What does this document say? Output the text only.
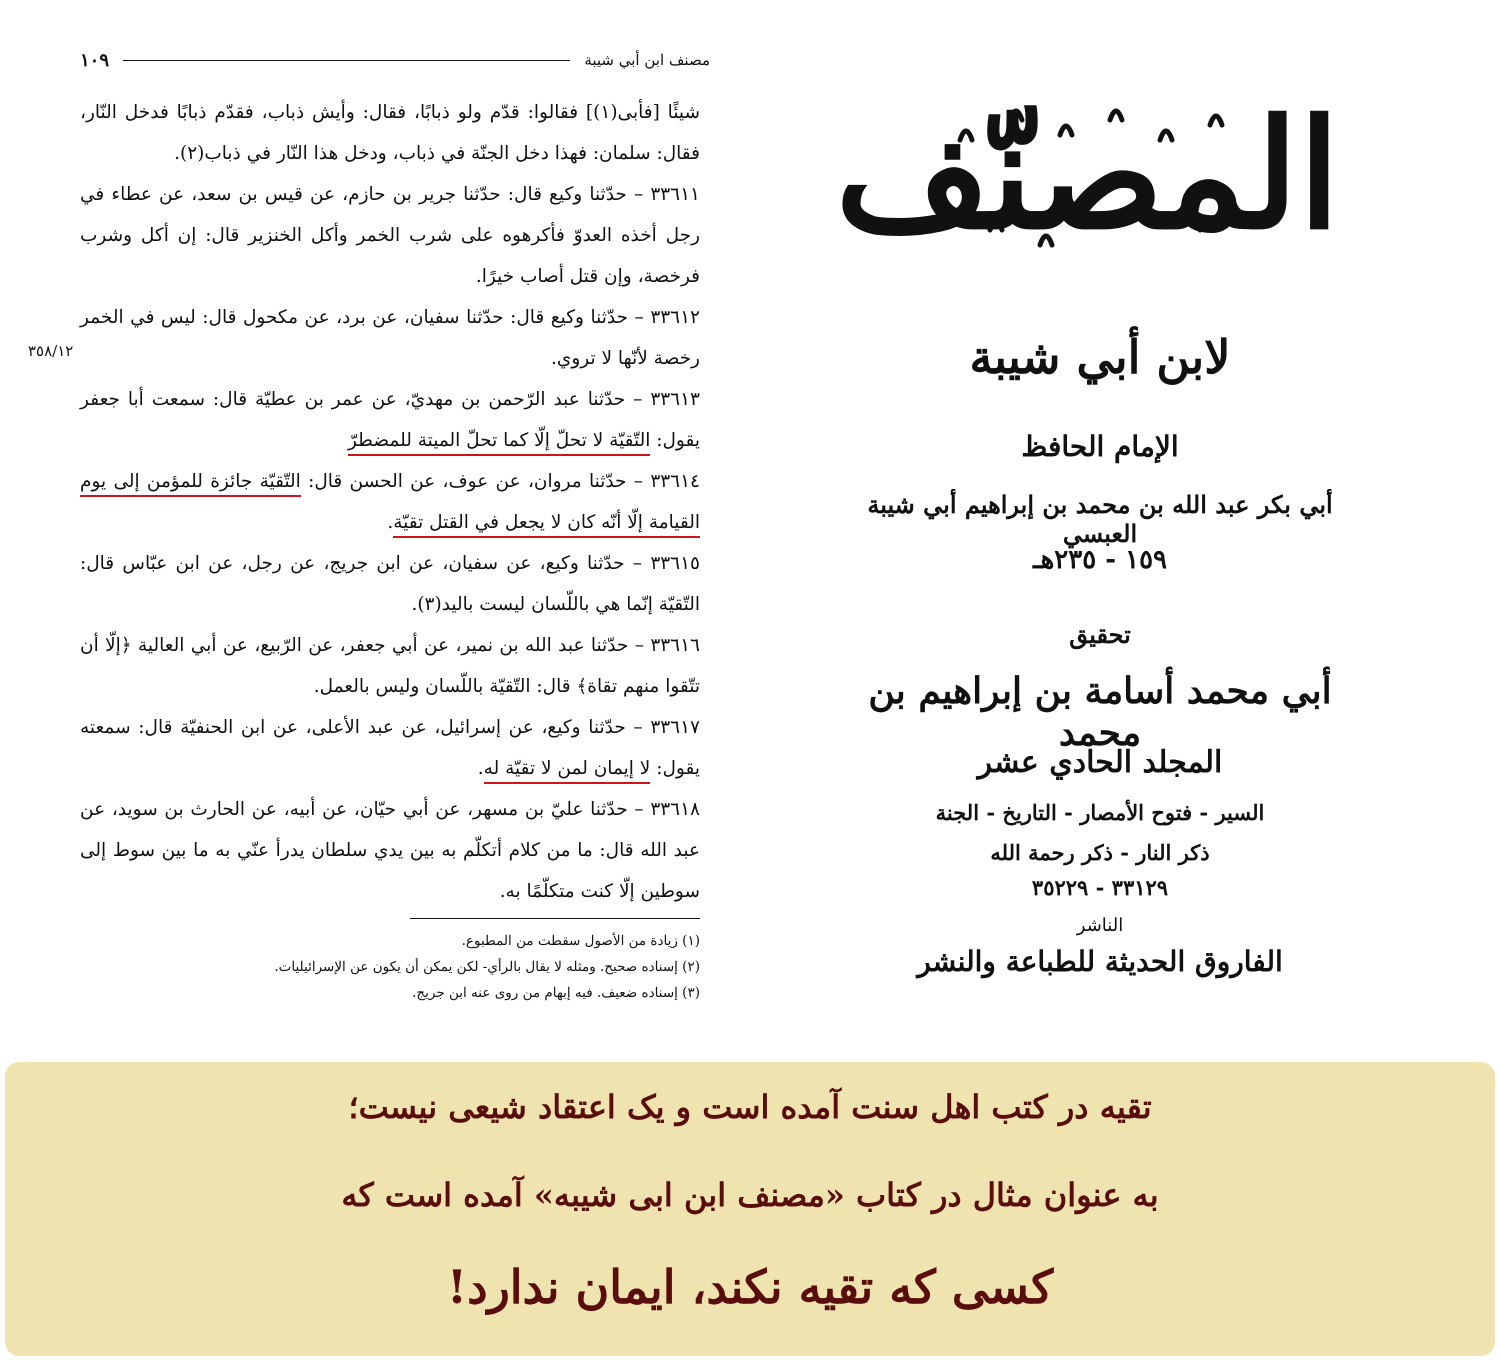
مصنف ابن أبي شيبة
١٠٩
٣٥٨/١٢

شيئًا [فأبى(١)] فقالوا: قدّم ولو ذبابًا، فقال: وأيش ذباب، فقدّم ذبابًا فدخل النّار، فقال: سلمان: فهذا دخل الجنّة في ذباب، ودخل هذا النّار في ذباب(٢).

٣٣٦١١ – حدّثنا وكيع قال: حدّثنا جرير بن حازم، عن قيس بن سعد، عن عطاء في رجل أخذه العدوّ فأكرهوه على شرب الخمر وأكل الخنزير قال: إن أكل وشرب فرخصة، وإن قتل أصاب خيرًا.

٣٣٦١٢ – حدّثنا وكيع قال: حدّثنا سفيان، عن برد، عن مكحول قال: ليس في الخمر رخصة لأنّها لا تروي.

٣٣٦١٣ – حدّثنا عبد الرّحمن بن مهديّ، عن عمر بن عطيّة قال: سمعت أبا جعفر يقول: التّقيّة لا تحلّ إلّا كما تحلّ الميتة للمضطرّ

٣٣٦١٤ – حدّثنا مروان، عن عوف، عن الحسن قال: التّقيّة جائزة للمؤمن إلى يوم القيامة إلّا أنّه كان لا يجعل في القتل تقيّة.

٣٣٦١٥ – حدّثنا وكيع، عن سفيان، عن ابن جريج، عن رجل، عن ابن عبّاس قال: التّقيّة إنّما هي باللّسان ليست باليد(٣).

٣٣٦١٦ – حدّثنا عبد الله بن نمير، عن أبي جعفر، عن الرّبيع، عن أبي العالية ﴿إلّا أن تتّقوا منهم تقاة﴾ قال: التّقيّة باللّسان وليس بالعمل.

٣٣٦١٧ – حدّثنا وكيع، عن إسرائيل، عن عبد الأعلى، عن ابن الحنفيّة قال: سمعته يقول: لا إيمان لمن لا تقيّة له.

٣٣٦١٨ – حدّثنا عليّ بن مسهر، عن أبي حيّان، عن أبيه، عن الحارث بن سويد، عن عبد الله قال: ما من كلام أتكلّم به بين يدي سلطان يدرأ عنّي به ما بين سوط إلى سوطين إلّا كنت متكلّمًا به.

(١) زيادة من الأصول سقطت من المطبوع.
(٢) إسناده صحيح. ومثله لا يقال بالرأي- لكن يمكن أن يكون عن الإسرائيليات.
(٣) إسناده ضعيف. فيه إبهام من روى عنه ابن جريج.
المصنّف
لابن أبي شيبة
الإمام الحافظ
أبي بكر عبد الله بن محمد بن إبراهيم أبي شيبة العبسي
١٥٩ - ٢٣٥هـ
تحقيق
أبي محمد أسامة بن إبراهيم بن محمد
المجلد الحادي عشر
السير - فتوح الأمصار - التاريخ - الجنة
ذكر النار - ذكر رحمة الله
٣٣١٢٩ - ٣٥٢٢٩
الناشر
الفاروق الحديثة للطباعة والنشر
تقیه در کتب اهل سنت آمده است و یک اعتقاد شیعی نیست؛
به عنوان مثال در کتاب «مصنف ابن ابی شیبه» آمده است که
کسی که تقیه نکند، ایمان ندارد!
